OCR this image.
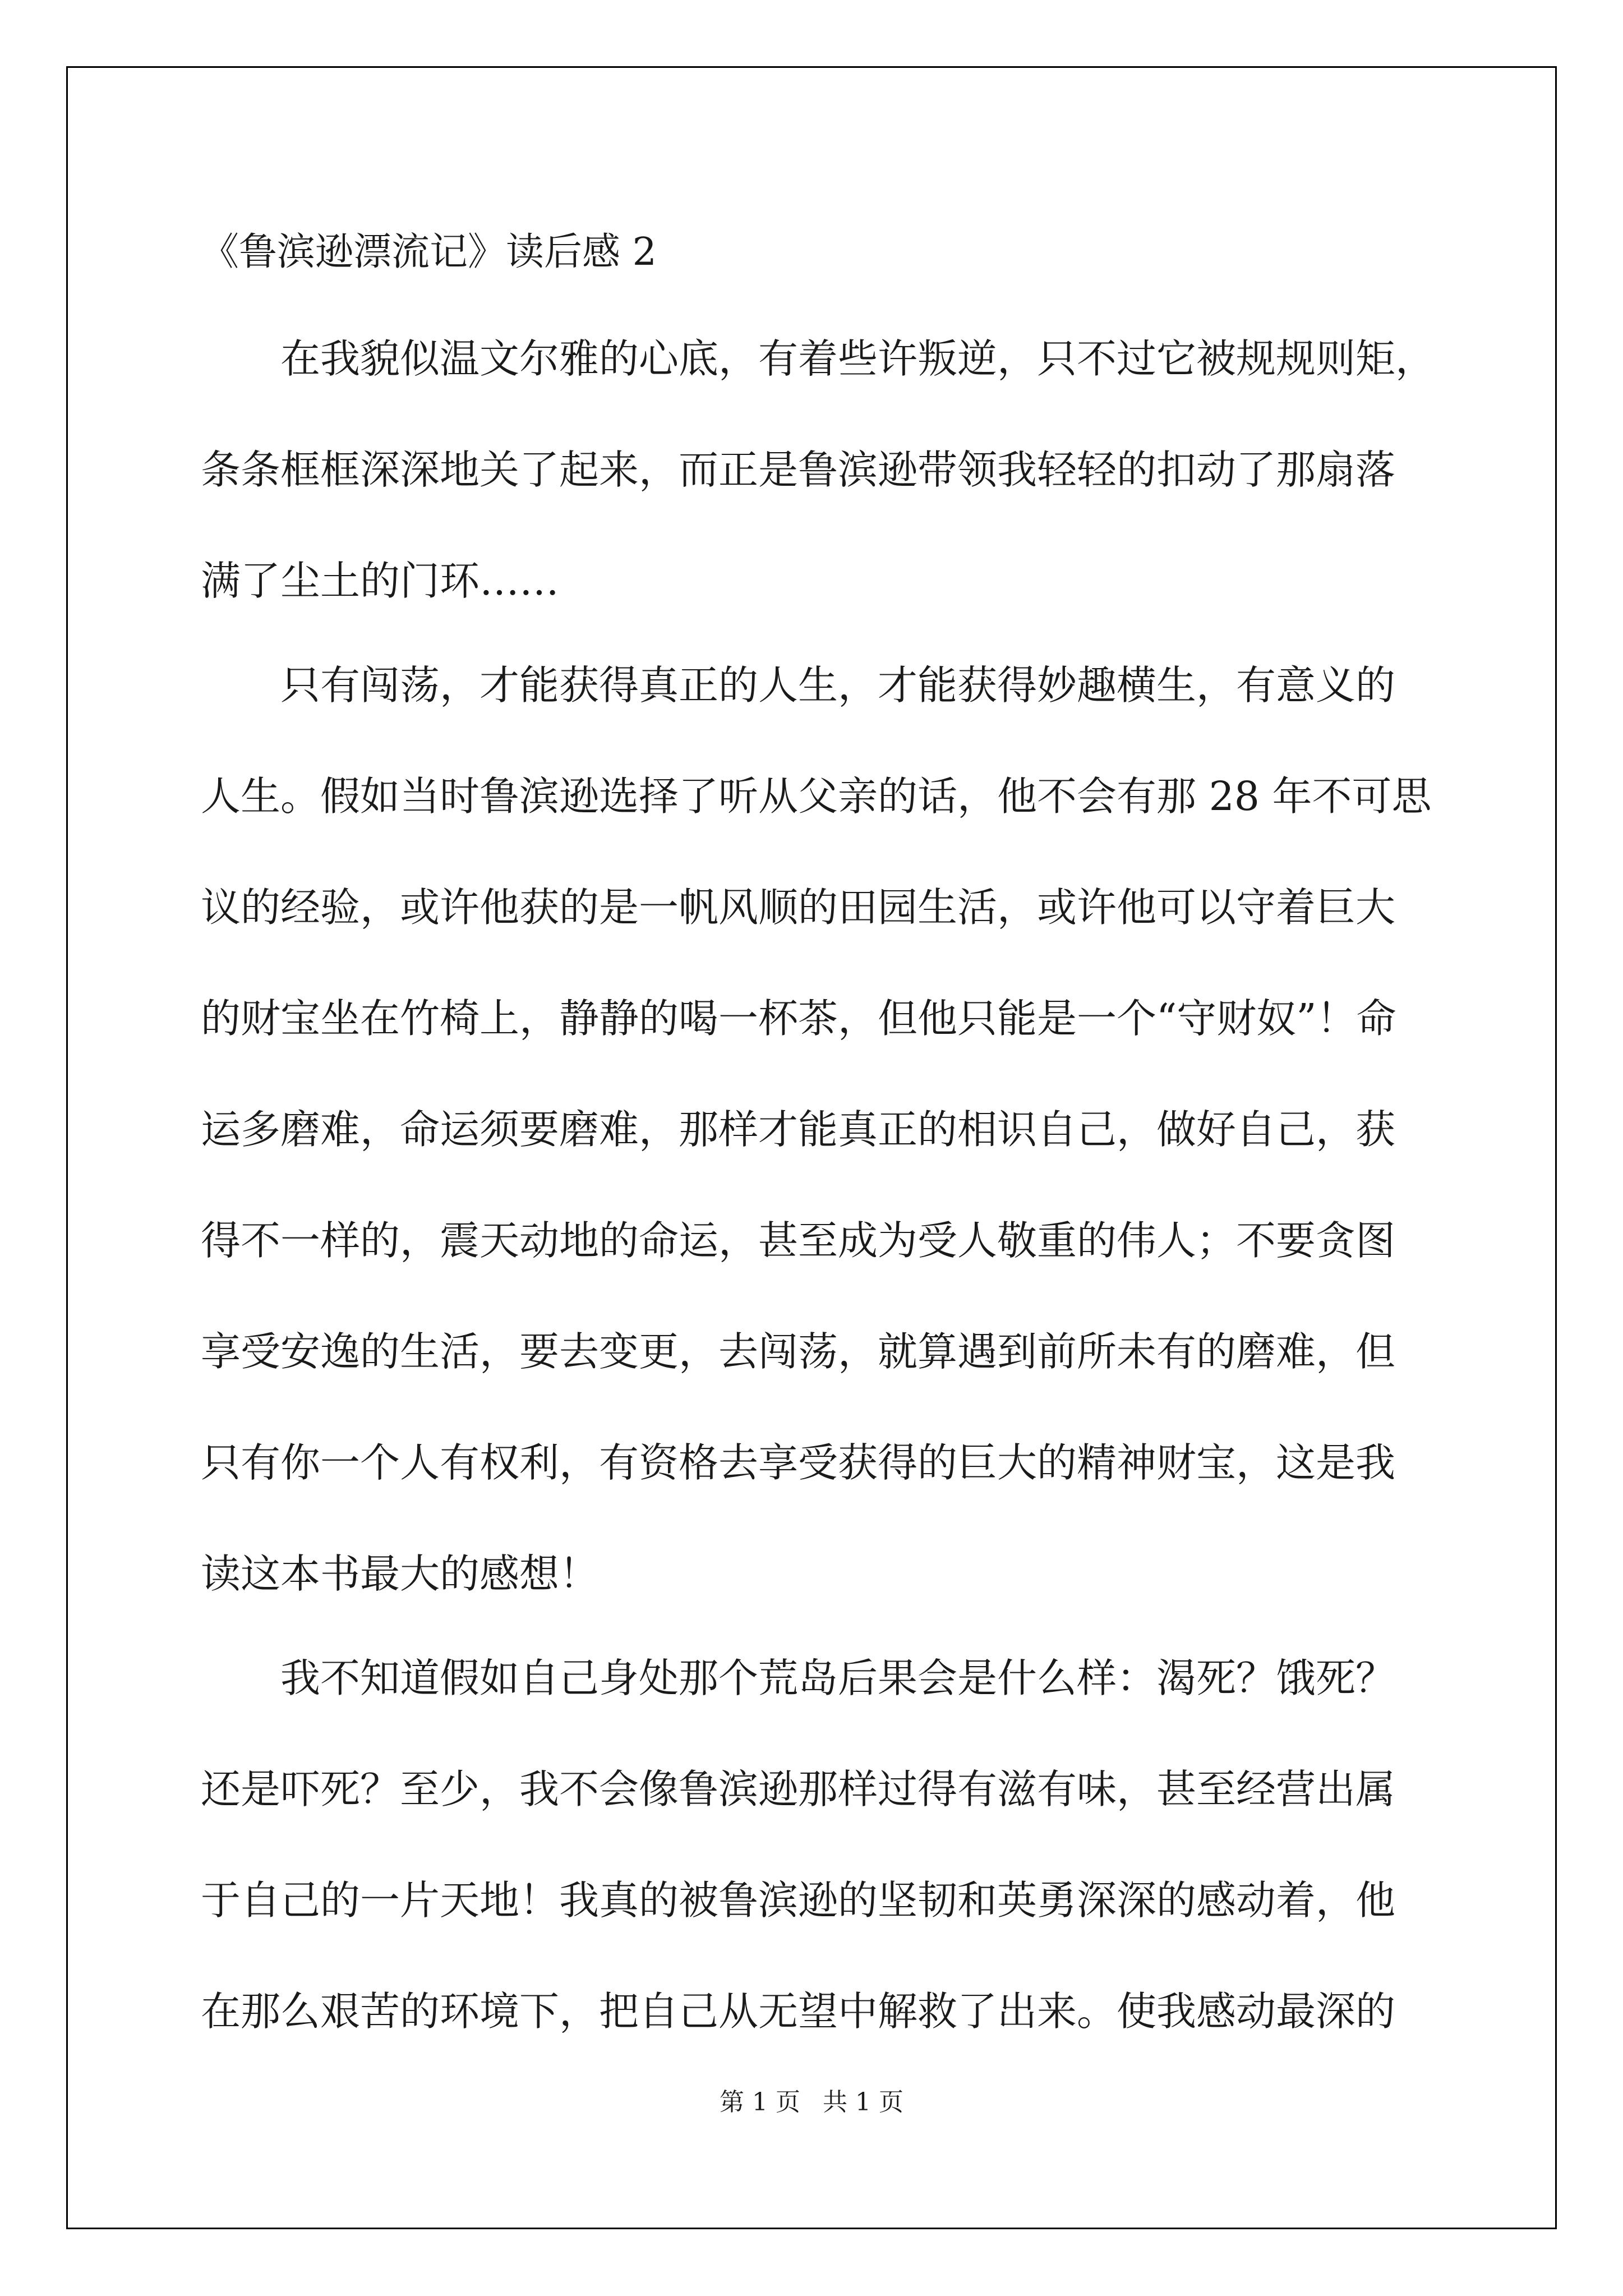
《鲁滨逊漂流记》读后感 2

在我貌似温文尔雅的心底，有着些许叛逆，只不过它被规规则矩，

条条框框深深地关了起来，而正是鲁滨逊带领我轻轻的扣动了那扇落

满了尘土的门环……

只有闯荡，才能获得真正的人生，才能获得妙趣横生，有意义的

人生。假如当时鲁滨逊选择了听从父亲的话，他不会有那 28 年不可思

议的经验，或许他获的是一帆风顺的田园生活，或许他可以守着巨大

的财宝坐在竹椅上，静静的喝一杯茶，但他只能是一个“守财奴”！命

运多磨难，命运须要磨难，那样才能真正的相识自己，做好自己，获

得不一样的，震天动地的命运，甚至成为受人敬重的伟人；不要贪图

享受安逸的生活，要去变更，去闯荡，就算遇到前所未有的磨难，但

只有你一个人有权利，有资格去享受获得的巨大的精神财宝，这是我

读这本书最大的感想！

我不知道假如自己身处那个荒岛后果会是什么样：渴死？饿死？

还是吓死？至少，我不会像鲁滨逊那样过得有滋有味，甚至经营出属

于自己的一片天地！我真的被鲁滨逊的坚韧和英勇深深的感动着，他

在那么艰苦的环境下，把自己从无望中解救了出来。使我感动最深的

第 1 页 共 1 页
